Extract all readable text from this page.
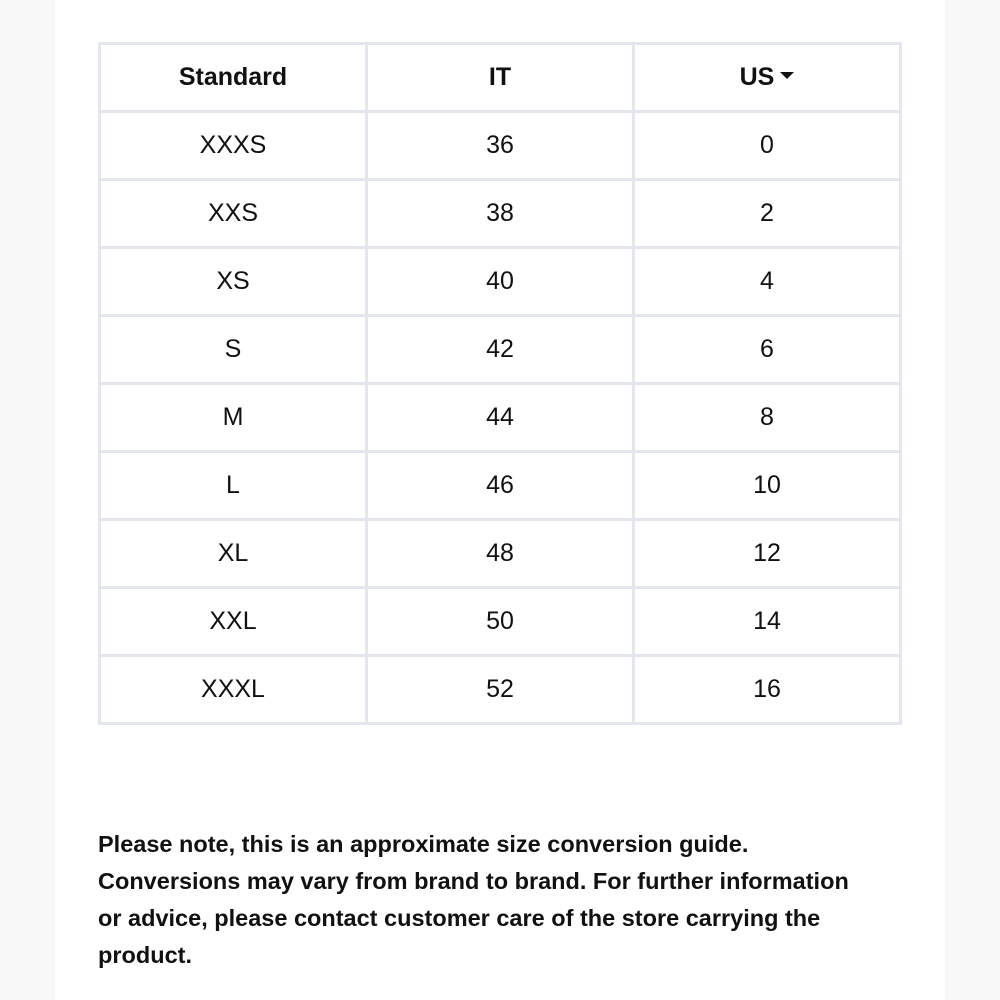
Standard	IT	US
XXXS	36	0
XXS	38	2
XS	40	4
S	42	6
M	44	8
L	46	10
XL	48	12
XXL	50	14
XXXL	52	16

Please note, this is an approximate size conversion guide.
Conversions may vary from brand to brand. For further information
or advice, please contact customer care of the store carrying the
product.
